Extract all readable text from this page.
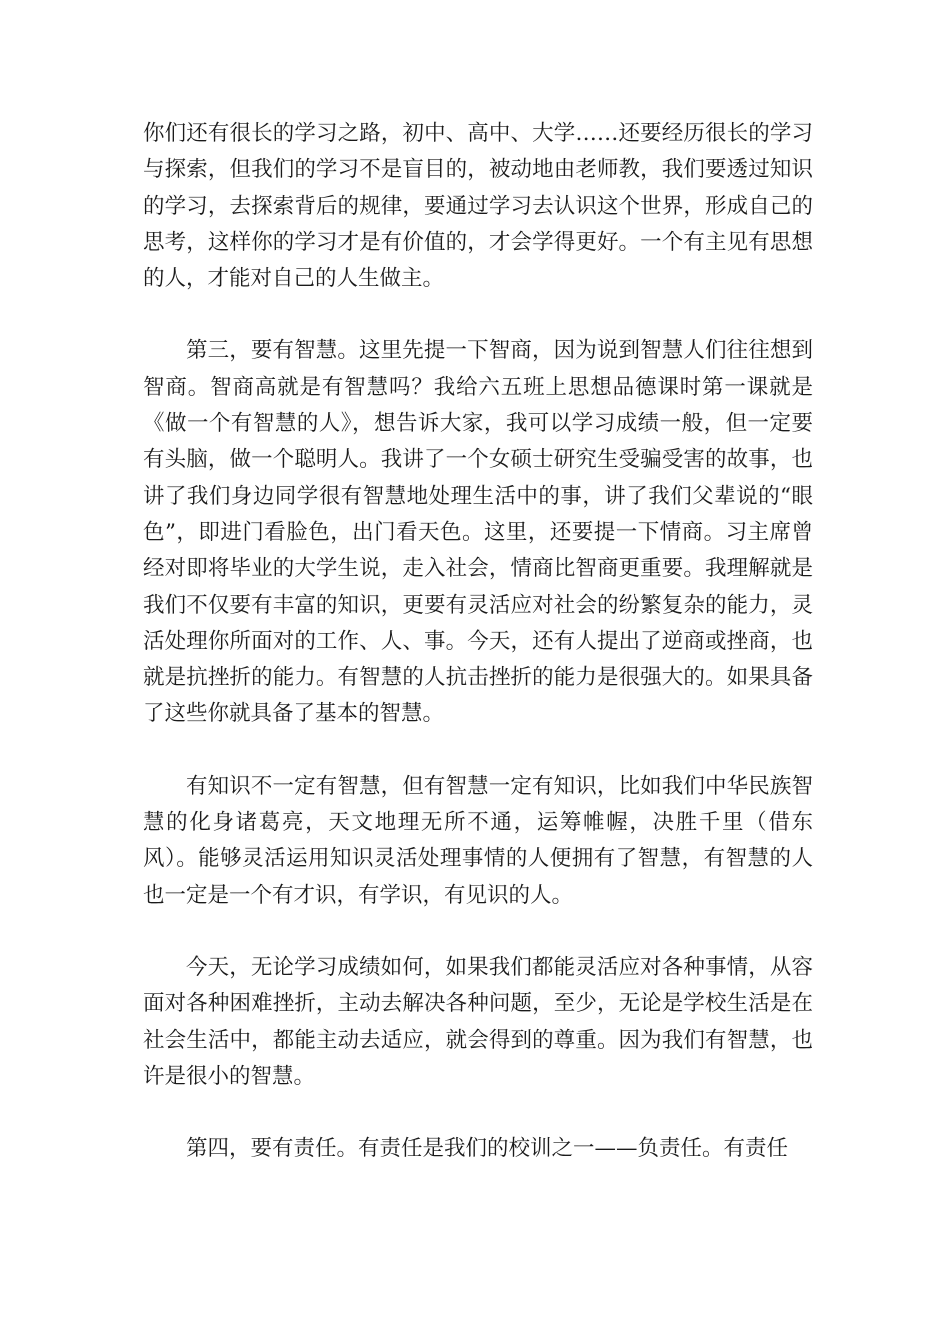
你们还有很长的学习之路，初中、高中、大学……还要经历很长的学习与探索，但我们的学习不是盲目的，被动地由老师教，我们要透过知识的学习，去探索背后的规律，要通过学习去认识这个世界，形成自己的思考，这样你的学习才是有价值的，才会学得更好。一个有主见有思想的人，才能对自己的人生做主。

第三，要有智慧。这里先提一下智商，因为说到智慧人们往往想到智商。智商高就是有智慧吗？我给六五班上思想品德课时第一课就是《做一个有智慧的人》，想告诉大家，我可以学习成绩一般，但一定要有头脑，做一个聪明人。我讲了一个女硕士研究生受骗受害的故事，也讲了我们身边同学很有智慧地处理生活中的事，讲了我们父辈说的“眼色”，即进门看脸色，出门看天色。这里，还要提一下情商。习主席曾经对即将毕业的大学生说，走入社会，情商比智商更重要。我理解就是我们不仅要有丰富的知识，更要有灵活应对社会的纷繁复杂的能力，灵活处理你所面对的工作、人、事。今天，还有人提出了逆商或挫商，也就是抗挫折的能力。有智慧的人抗击挫折的能力是很强大的。如果具备了这些你就具备了基本的智慧。

有知识不一定有智慧，但有智慧一定有知识，比如我们中华民族智慧的化身诸葛亮，天文地理无所不通，运筹帷幄，决胜千里（借东风）。能够灵活运用知识灵活处理事情的人便拥有了智慧，有智慧的人也一定是一个有才识，有学识，有见识的人。

今天，无论学习成绩如何，如果我们都能灵活应对各种事情，从容面对各种困难挫折，主动去解决各种问题，至少，无论是学校生活是在社会生活中，都能主动去适应，就会得到的尊重。因为我们有智慧，也许是很小的智慧。

第四，要有责任。有责任是我们的校训之一——负责任。有责任
